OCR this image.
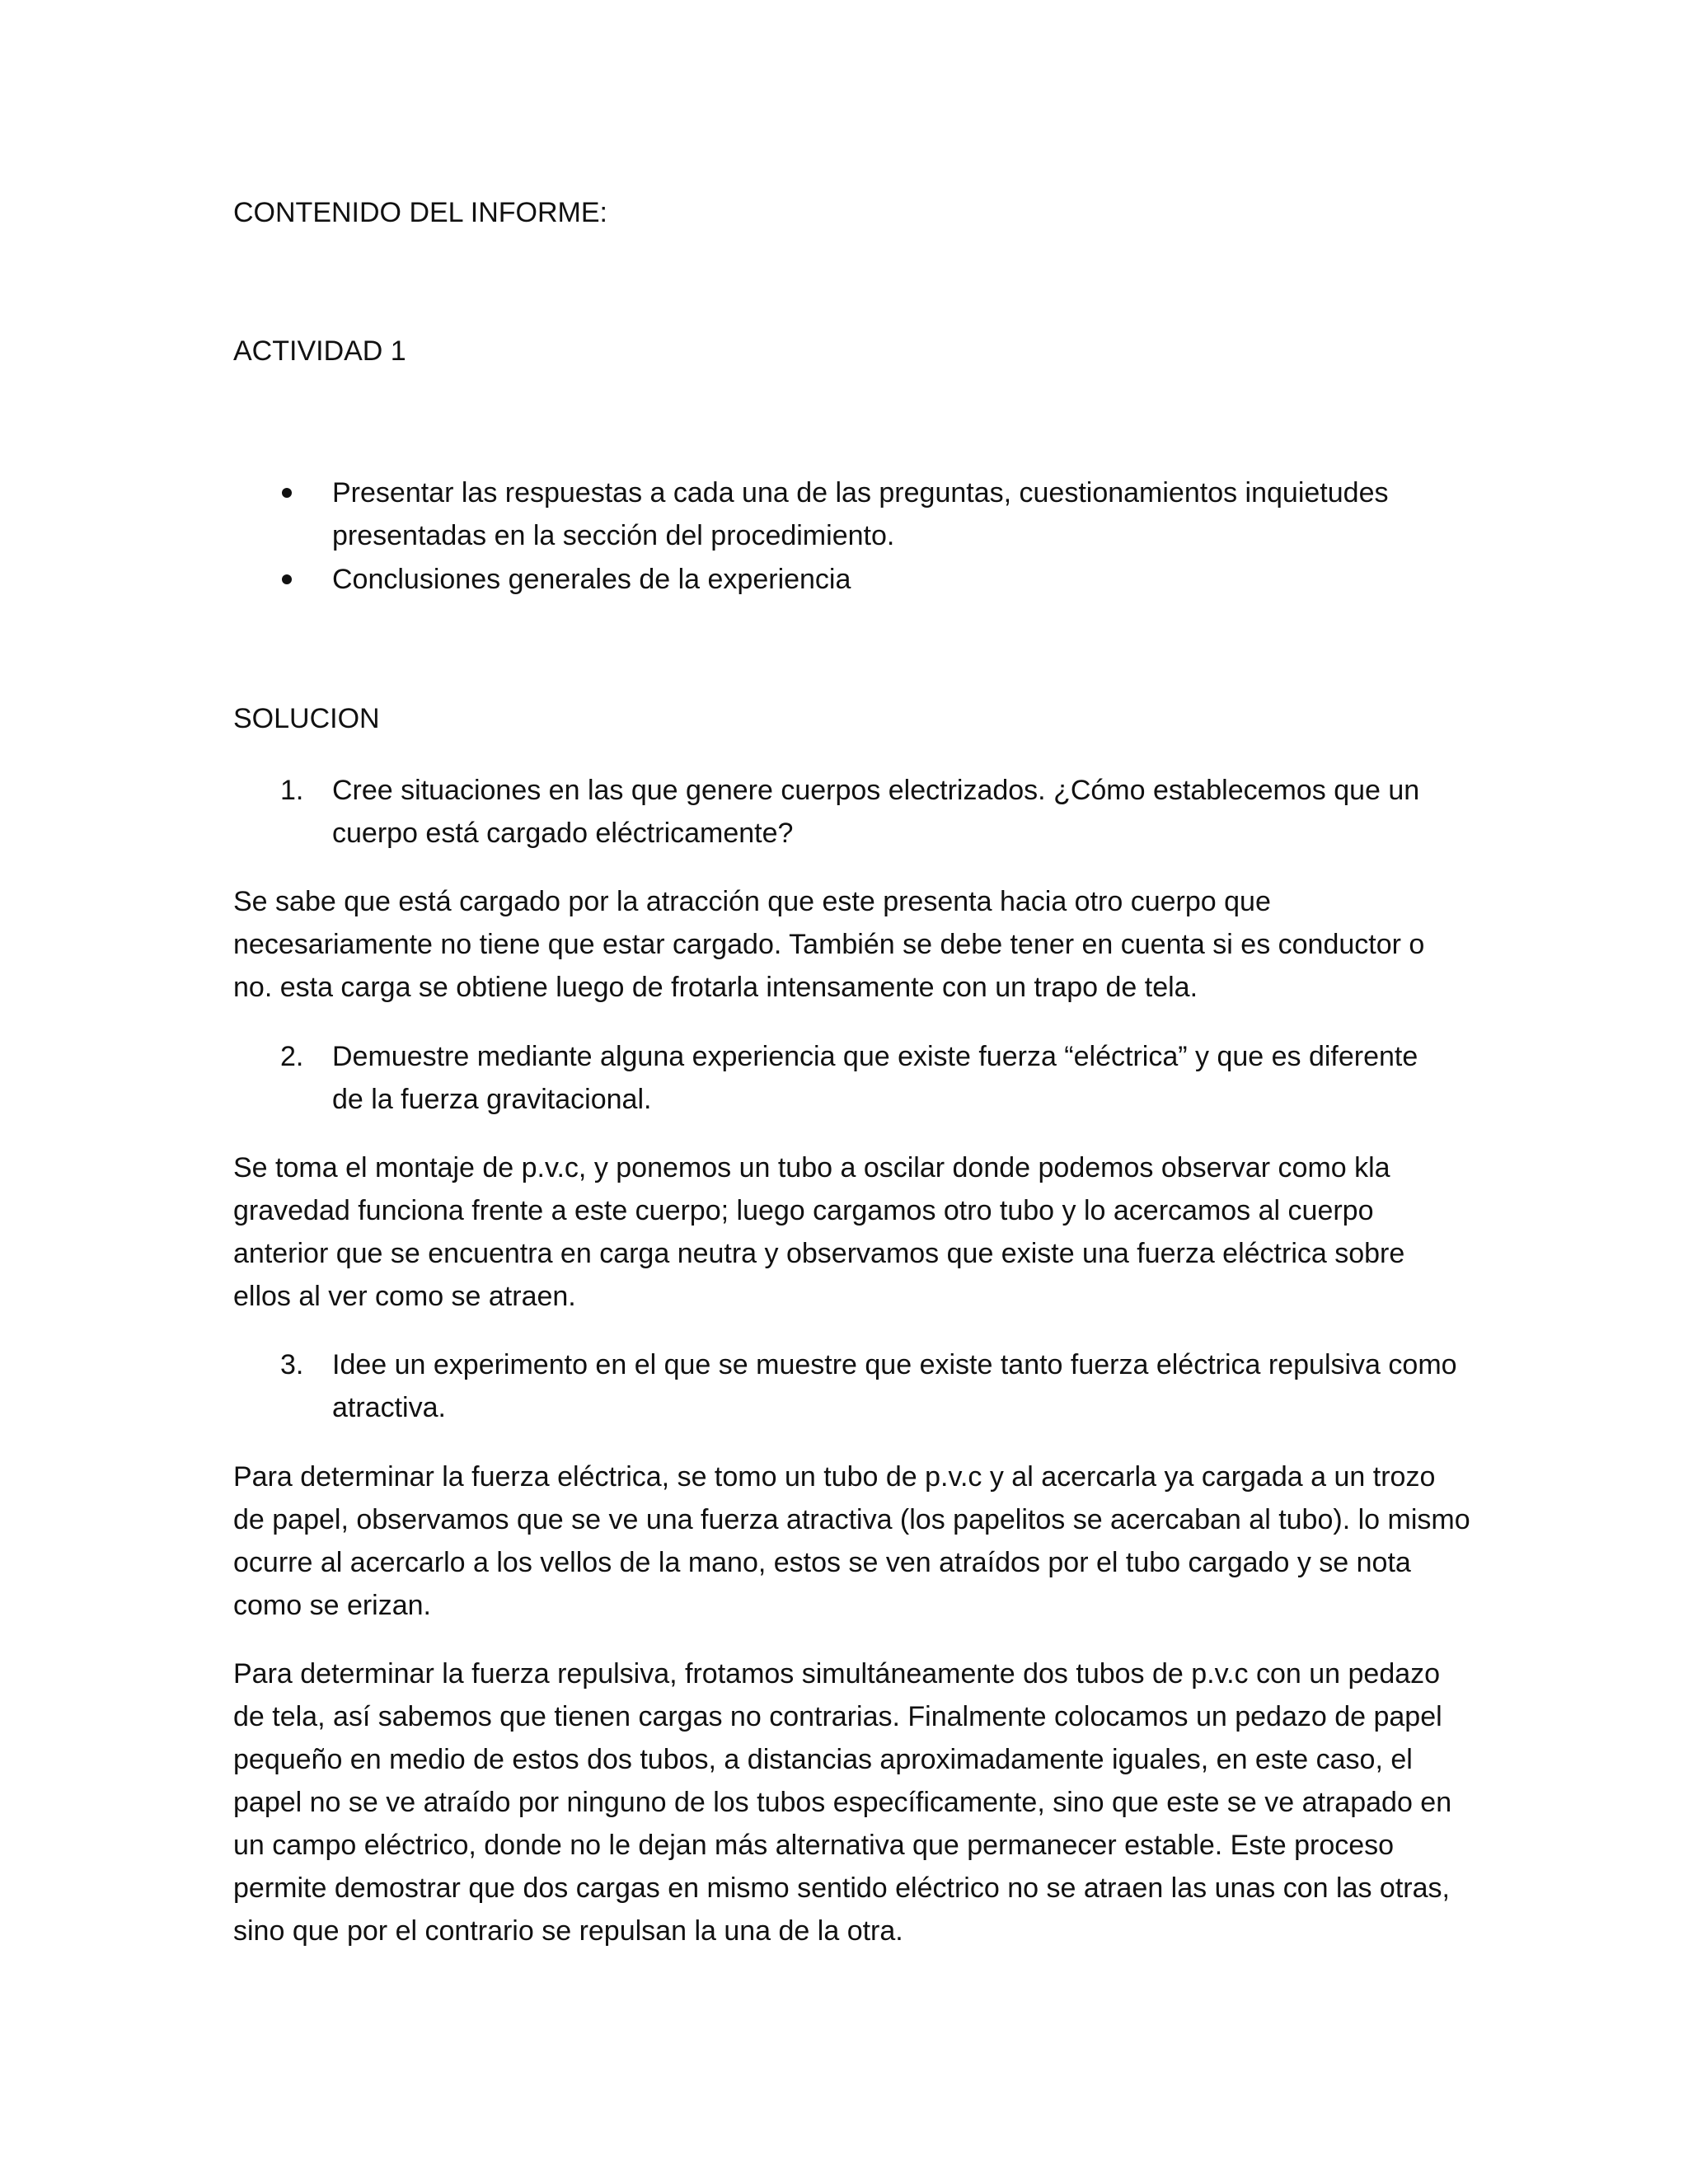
CONTENIDO DEL INFORME:

ACTIVIDAD 1

Presentar las respuestas a cada una de las preguntas, cuestionamientos inquietudes

presentadas en la sección del procedimiento.

Conclusiones generales de la experiencia

SOLUCION

1. Cree situaciones en las que genere cuerpos electrizados. ¿Cómo establecemos que un

cuerpo está cargado eléctricamente?

Se sabe que está cargado por la atracción que este presenta hacia otro cuerpo que

necesariamente no tiene que estar cargado. También se debe tener en cuenta si es conductor o

no. esta carga se obtiene luego de frotarla intensamente con un trapo de tela.

2. Demuestre mediante alguna experiencia que existe fuerza “eléctrica” y que es diferente

de la fuerza gravitacional.

Se toma el montaje de p.v.c, y ponemos un tubo a oscilar donde podemos observar como kla

gravedad funciona frente a este cuerpo; luego cargamos otro tubo y lo acercamos al cuerpo

anterior que se encuentra en carga neutra y observamos que existe una fuerza eléctrica sobre

ellos al ver como se atraen.

3. Idee un experimento en el que se muestre que existe tanto fuerza eléctrica repulsiva como

atractiva.

Para determinar la fuerza eléctrica, se tomo un tubo de p.v.c y al acercarla ya cargada a un trozo

de papel, observamos que se ve una fuerza atractiva (los papelitos se acercaban al tubo). lo mismo

ocurre al acercarlo a los vellos de la mano, estos se ven atraídos por el tubo cargado y se nota

como se erizan.

Para determinar la fuerza repulsiva, frotamos simultáneamente dos tubos de p.v.c con un pedazo

de tela, así sabemos que tienen cargas no contrarias. Finalmente colocamos un pedazo de papel

pequeño en medio de estos dos tubos, a distancias aproximadamente iguales, en este caso, el

papel no se ve atraído por ninguno de los tubos específicamente, sino que este se ve atrapado en

un campo eléctrico, donde no le dejan más alternativa que permanecer estable. Este proceso

permite demostrar que dos cargas en mismo sentido eléctrico no se atraen las unas con las otras,

sino que por el contrario se repulsan la una de la otra.
